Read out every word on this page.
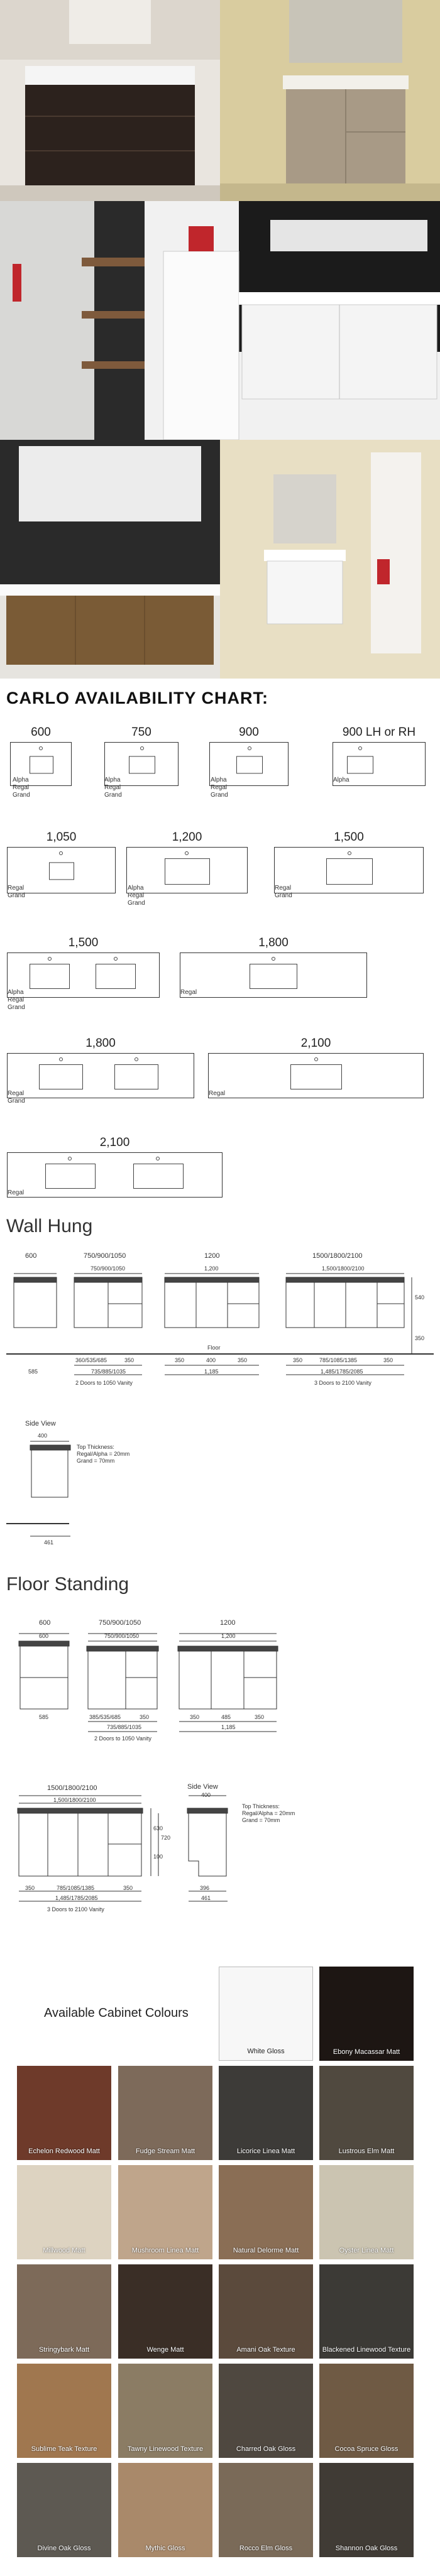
CARLO AVAILABILITY CHART:
600
Alpha
Regal
Grand
750
Alpha
Regal
Grand
900
Alpha
Regal
Grand
900 LH or RH
Alpha
1,050
Regal
Grand
1,200
Alpha
Regal
Grand
1,500
Regal
Grand
1,500
Alpha
Regal
Grand
1,800
Regal
1,800
Regal
Grand
2,100
Regal
2,100
Regal
Wall Hung
600	750/900/1050	1200	1500/1800/2100
750/900/1050	1,200	1,500/1800/2100
540
350
Floor
585
360/535/685	350
735/885/1035
350	400	350
1,185
350	785/1085/1385	350
1,485/1785/2085
2 Doors to 1050 Vanity	3 Doors to 2100 Vanity
Side View
400
Top Thickness:
Regal/Alpha = 20mm
Grand = 70mm
461
Floor Standing
600	750/900/1050	1200
600	750/900/1050	1,200
585	385/535/685	350
735/885/1035
350	485	350
1,185
2 Doors to 1050 Vanity
1500/1800/2100
1,500/1800/2100
630
720
100
350	785/1085/1385	350
1,485/1785/2085
3 Doors to 2100 Vanity
Side View
400
Top Thickness:
Regal/Alpha = 20mm
Grand = 70mm
396
461
Available Cabinet Colours
White Gloss	Ebony Macassar Matt
Echelon Redwood Matt	Fudge Stream Matt	Licorice Linea Matt	Lustrous Elm Matt
Millwood Matt	Mushroom Linea Matt	Natural Delorme Matt	Oyster Linea Matt
Stringybark Matt	Wenge Matt	Amani Oak Texture	Blackened Linewood Texture
Sublime Teak Texture	Tawny Linewood Texture	Charred Oak Gloss	Cocoa Spruce Gloss
Divine Oak Gloss	Mythic Gloss	Rocco Elm Gloss	Shannon Oak Gloss
